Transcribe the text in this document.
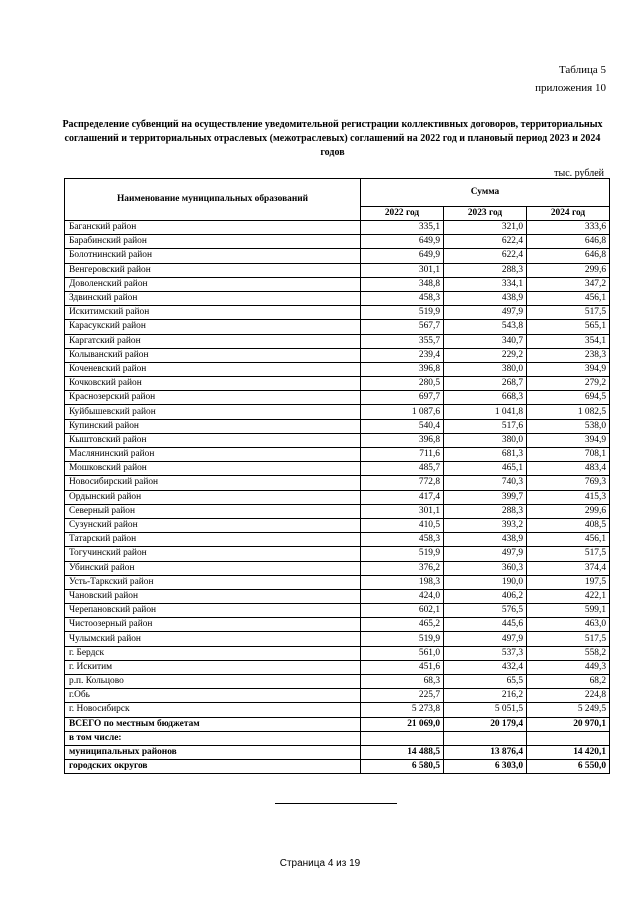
Таблица 5
приложения 10
Распределение субвенций на осуществление уведомительной регистрации коллективных договоров, территориальных соглашений и территориальных отраслевых (межотраслевых) соглашений на 2022 год и плановый период 2023 и 2024 годов
тыс. рублей
Наименование муниципальных образований	Сумма		
	2022 год	2023 год	2024 год
Баганский район	335,1	321,0	333,6
Барабинский район	649,9	622,4	646,8
Болотнинский район	649,9	622,4	646,8
Венгеровский район	301,1	288,3	299,6
Доволенский район	348,8	334,1	347,2
Здвинский район	458,3	438,9	456,1
Искитимский район	519,9	497,9	517,5
Карасукский район	567,7	543,8	565,1
Каргатский район	355,7	340,7	354,1
Колыванский район	239,4	229,2	238,3
Коченевский район	396,8	380,0	394,9
Кочковский район	280,5	268,7	279,2
Краснозерский район	697,7	668,3	694,5
Куйбышевский район	1 087,6	1 041,8	1 082,5
Купинский район	540,4	517,6	538,0
Кыштовский район	396,8	380,0	394,9
Маслянинский район	711,6	681,3	708,1
Мошковский район	485,7	465,1	483,4
Новосибирский район	772,8	740,3	769,3
Ордынский район	417,4	399,7	415,3
Северный район	301,1	288,3	299,6
Сузунский район	410,5	393,2	408,5
Татарский район	458,3	438,9	456,1
Тогучинский район	519,9	497,9	517,5
Убинский район	376,2	360,3	374,4
Усть-Таркский район	198,3	190,0	197,5
Чановский район	424,0	406,2	422,1
Черепановский район	602,1	576,5	599,1
Чистоозерный район	465,2	445,6	463,0
Чулымский район	519,9	497,9	517,5
г. Бердск	561,0	537,3	558,2
г. Искитим	451,6	432,4	449,3
р.п. Кольцово	68,3	65,5	68,2
г.Обь	225,7	216,2	224,8
г. Новосибирск	5 273,8	5 051,5	5 249,5
ВСЕГО по местным бюджетам	21 069,0	20 179,4	20 970,1
в том числе:			
муниципальных районов	14 488,5	13 876,4	14 420,1
городских округов	6 580,5	6 303,0	6 550,0
Страница 4 из 19
